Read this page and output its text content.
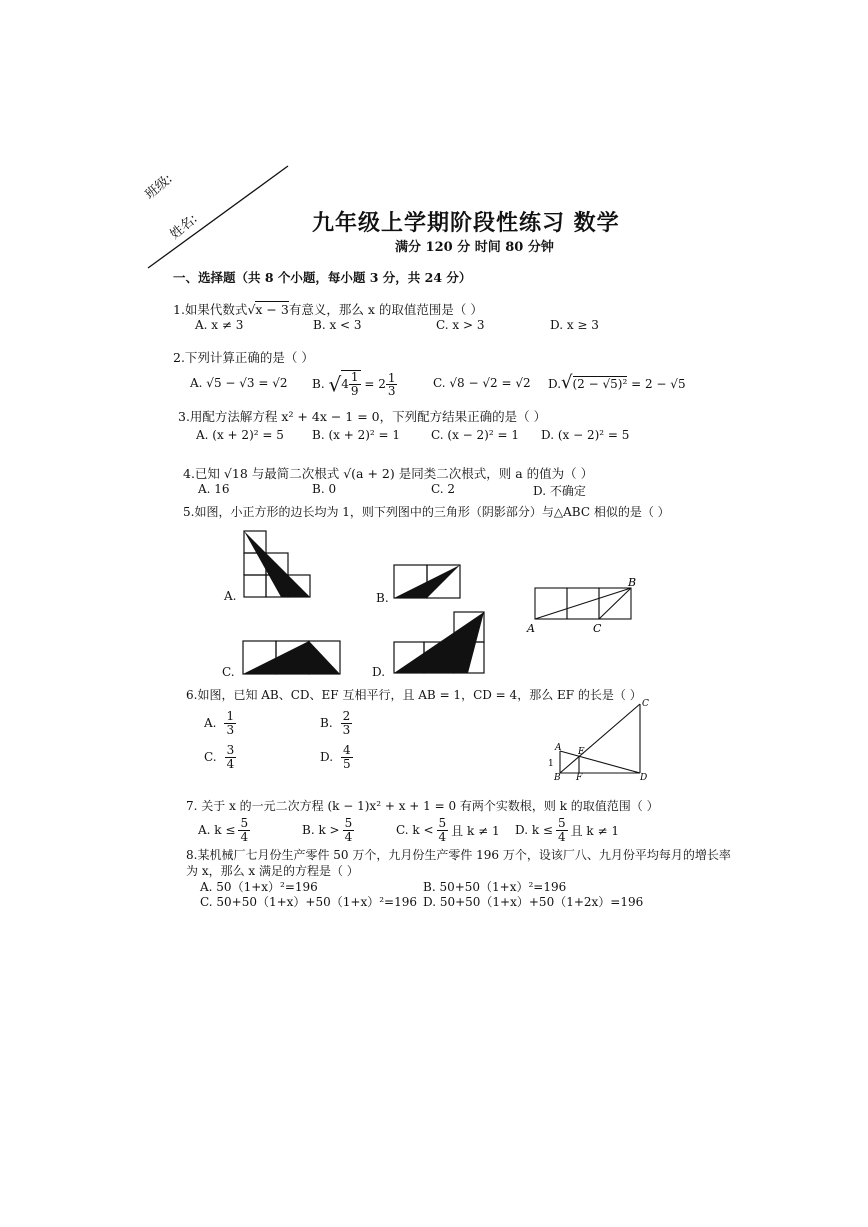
班级:
姓名:	九年级上学期阶段性练习 数学
满分 120 分 时间 80 分钟
一、选择题（共 8 个小题，每小题 3 分，共 24 分）
1.如果代数式√x − 3有意义，那么 x 的取值范围是（ ）
A. x ≠ 3	B. x < 3	C. x > 3	D. x ≥ 3
2.下列计算正确的是（ ）
A. √5 − √3 = √2 B. $√4 \frac{1}{9} = 2 \frac{1}{3}$	C. √8 − √2 = √2 D.√(2 − √5)² = 2 − √5
3.用配方法解方程 x² + 4x − 1 = 0，下列配方结果正确的是（ ）
A. (x + 2)² = 5 B. (x + 2)² = 1	C. (x − 2)² = 1 D. (x − 2)² = 5
4.已知 √18 与最简二次根式 √(a + 2) 是同类二次根式，则 a 的值为（ ）
A. 16	B. 0	C. 2	D. 不确定
5.如图，小正方形的边长均为 1，则下列图中的三角形（阴影部分）与△ABC 相似的是（ ）
A.	B.
A	C
B
C.	D.
6.如图，已知 AB、CD、EF 互相平行，且 AB = 1，CD = 4，那么 EF 的长是（ ）
A. $\frac{1}{3}$	B. $\frac{2}{3}$
C. $\frac{3}{4}$	D. $\frac{4}{5}$
C
A E
B F	D
1
7. 关于 x 的一元二次方程 (k − 1)x² + x + 1 = 0 有两个实数根，则 k 的取值范围（ ）
A. $k \le \frac{5}{4}$	B. $k > \frac{5}{4}$	C. $k < \frac{5}{4}$ 且 k ≠ 1 D. $k \le \frac{5}{4}$ 且 k ≠ 1
8.某机械厂七月份生产零件 50 万个，九月份生产零件 196 万个，设该厂八、九月份平均每月的增长率
为 x，那么 x 满足的方程是（ ）
A. 50（1+x）²=196	B. 50+50（1+x）²=196
C. 50+50（1+x）+50（1+x）²=196 D. 50+50（1+x）+50（1+2x）=196
